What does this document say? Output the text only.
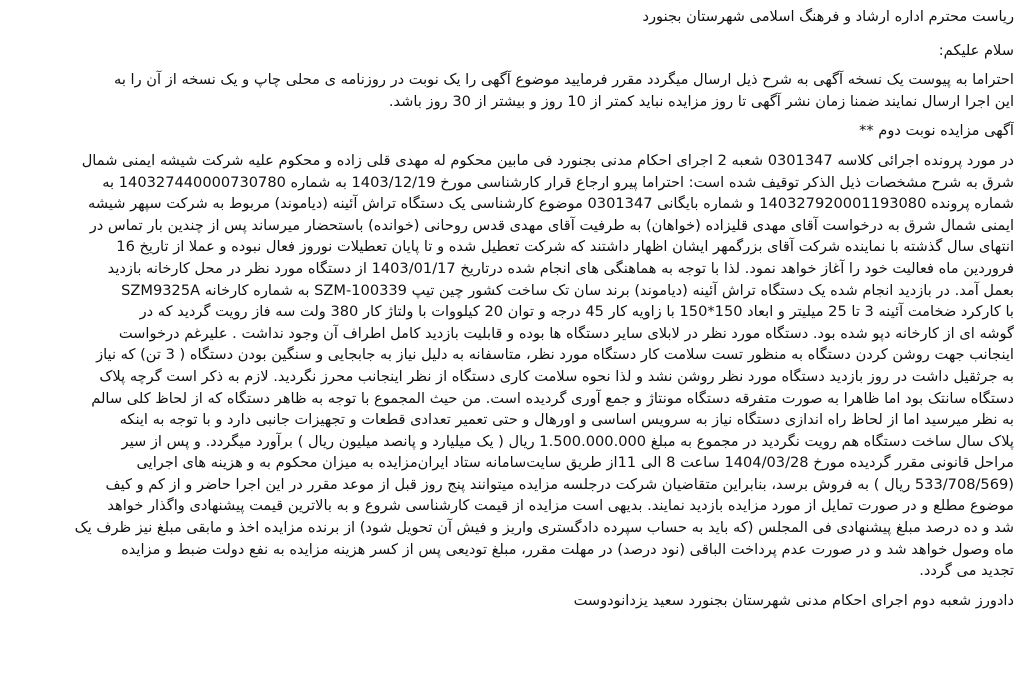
ریاست محترم اداره ارشاد و فرهنگ اسلامی شهرستان بجنورد
سلام علیکم:
احتراما به پیوست یک نسخه آگهی به شرح ذیل ارسال میگردد مقرر فرمایید موضوع آگهی را یک نوبت در روزنامه ی محلی چاپ و یک نسخه از آن را به
این اجرا ارسال نمایند ضمنا زمان نشر آگهی تا روز مزایده نباید کمتر از 10 روز و بیشتر از 30 روز باشد.
آگهی مزایده نوبت دوم **
در مورد پرونده اجرائی کلاسه 0301347 شعبه 2 اجرای احکام مدنی بجنورد فی مابین محکوم له مهدی قلی زاده و محکوم علیه شرکت شیشه ایمنی شمال
شرق به شرح مشخصات ذیل الذکر توقیف شده است: احتراما پیرو ارجاع قرار کارشناسی مورخ 1403/12/19 به شماره 140327440000730780 به
شماره پرونده 140327920001193080 و شماره بایگانی 0301347 موضوع کارشناسی یک دستگاه تراش آئینه (دیاموند) مربوط به شرکت سپهر شیشه
ایمنی شمال شرق به درخواست آقای مهدی قلیزاده (خواهان) به طرفیت آقای مهدی قدس روحانی (خوانده) باستحضار میرساند پس از چندین بار تماس در
انتهای سال گذشته با نماینده شرکت آقای بزرگمهر ایشان اظهار داشتند که شرکت تعطیل شده و تا پایان تعطیلات نوروز فعال نبوده و عملا از تاریخ 16
فروردین ماه فعالیت خود را آغاز خواهد نمود. لذا با توجه به هماهنگی های انجام شده درتاریخ 1403/01/17 از دستگاه مورد نظر در محل کارخانه بازدید
بعمل آمد. در بازدید انجام شده یک دستگاه تراش آئینه (دیاموند) برند سان تک ساخت کشور چین تیپ SZM-100339 به شماره کارخانه SZM9325A
با کارکرد ضخامت آئینه 3 تا 25 میلیتر و ابعاد 150*150 با زاویه کار 45 درجه و توان 20 کیلووات با ولتاژ کار 380 ولت سه فاز رویت گردید که در
گوشه ای از کارخانه دپو شده بود. دستگاه مورد نظر در لابلای سایر دستگاه ها بوده و قابلیت بازدید کامل اطراف آن وجود نداشت . علیرغم درخواست
اینجانب جهت روشن کردن دستگاه به منظور تست سلامت کار دستگاه مورد نظر، متاسفانه به دلیل نیاز به جابجایی و سنگین بودن دستگاه ( 3 تن) که نیاز
به جرثقیل داشت در روز بازدید دستگاه مورد نظر روشن نشد و لذا نحوه سلامت کاری دستگاه از نظر اینجانب محرز نگردید. لازم به ذکر است گرچه پلاک
دستگاه سانتک بود اما ظاهرا به صورت متفرقه دستگاه مونتاژ و جمع آوری گردیده است. من حیث المجموع با توجه به ظاهر دستگاه که از لحاظ کلی سالم
به نظر میرسید اما از لحاظ راه اندازی دستگاه نیاز به سرویس اساسی و اورهال و حتی تعمیر تعدادی قطعات و تجهیزات جانبی دارد و با توجه به اینکه
پلاک سال ساخت دستگاه هم رویت نگردید در مجموع به مبلغ 1.500.000.000 ریال ( یک میلیارد و پانصد میلیون ریال ) برآورد میگردد. و پس از سیر
مراحل قانونی مقرر گردیده مورخ 1404/03/28 ساعت 8 الی 11از طریق سایت‌سامانه‌ ستاد ایران‌مزایده به میزان محکوم به و هزینه های اجرایی
(533/708/569 ریال ) به فروش برسد، بنابراین متقاضیان شرکت درجلسه مزایده میتوانند پنج روز قبل از موعد مقرر در این اجرا حاضر و از کم و کیف
موضوع مطلع و در صورت تمایل از مورد مزایده بازدید نمایند. بدیهی است مزایده از قیمت کارشناسی شروع و به بالاترین قیمت پیشنهادی واگذار خواهد
شد و ده درصد مبلغ پیشنهادی فی المجلس (که باید به حساب سپرده دادگستری واریز و فیش آن تحویل شود) از برنده مزایده اخذ و مابقی مبلغ نیز ظرف یک
ماه وصول خواهد شد و در صورت عدم پرداخت الباقی (نود درصد) در مهلت مقرر، مبلغ تودیعی پس از کسر هزینه مزایده به نفع دولت ضبط و مزایده
تجدید می گردد.
دادورز شعبه دوم اجرای احکام مدنی شهرستان بجنورد سعید یزدانودوست
